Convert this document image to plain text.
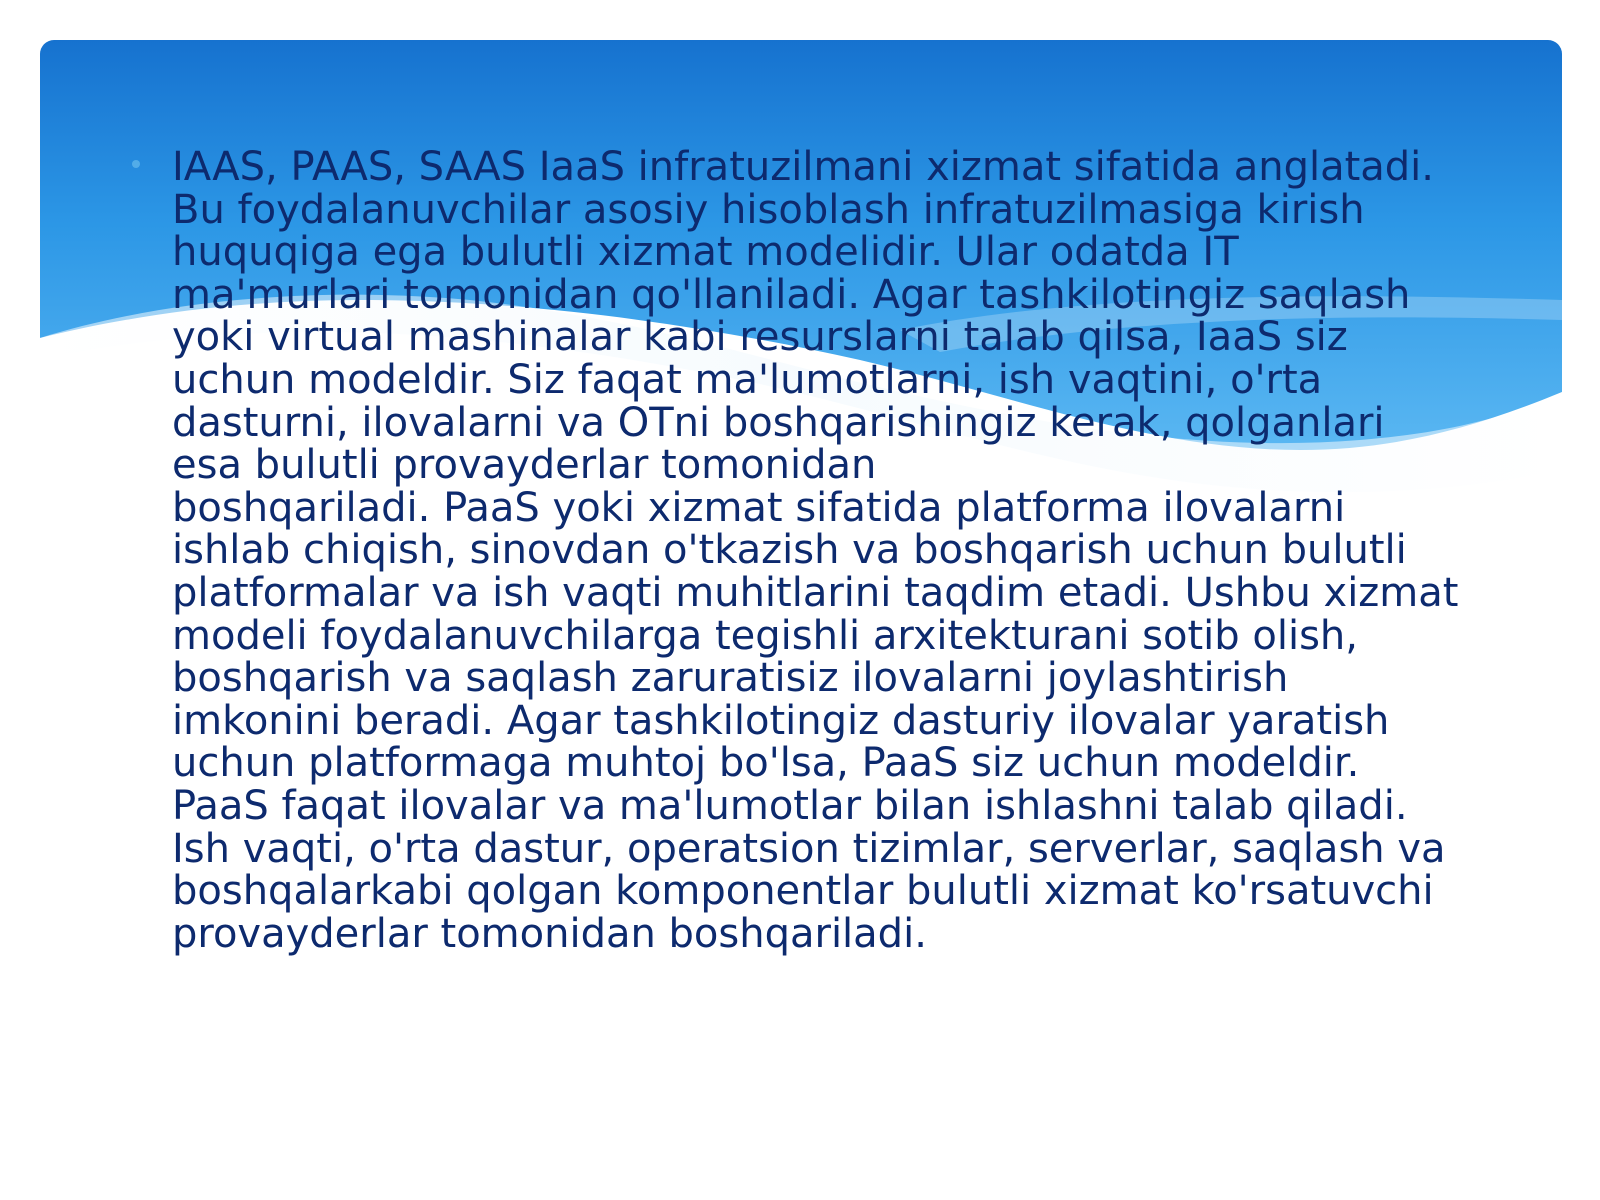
IAAS, PAAS, SAAS IaaS infratuzilmani xizmat sifatida anglatadi. Bu foydalanuvchilar asosiy hisoblash infratuzilmasiga kirish huquqiga ega bulutli xizmat modelidir. Ular odatda IT ma'murlari tomonidan qo'llaniladi. Agar tashkilotingiz saqlash yoki virtual mashinalar kabi resurslarni talab qilsa, IaaS siz uchun modeldir. Siz faqat ma'lumotlarni, ish vaqtini, o'rta dasturni, ilovalarni va OTni boshqarishingiz kerak, qolganlari esa bulutli provayderlar tomonidan
boshqariladi. PaaS yoki xizmat sifatida platforma ilovalarni ishlab chiqish, sinovdan o'tkazish va boshqarish uchun bulutli platformalar va ish vaqti muhitlarini taqdim etadi. Ushbu xizmat modeli foydalanuvchilarga tegishli arxitekturani sotib olish, boshqarish va saqlash zaruratisiz ilovalarni joylashtirish imkonini beradi. Agar tashkilotingiz dasturiy ilovalar yaratish uchun platformaga muhtoj bo'lsa, PaaS siz uchun modeldir. PaaS faqat ilovalar va ma'lumotlar bilan ishlashni talab qiladi. Ish vaqti, o'rta dastur, operatsion tizimlar, serverlar, saqlash va boshqalarkabi qolgan komponentlar bulutli xizmat ko'rsatuvchi provayderlar tomonidan boshqariladi.
